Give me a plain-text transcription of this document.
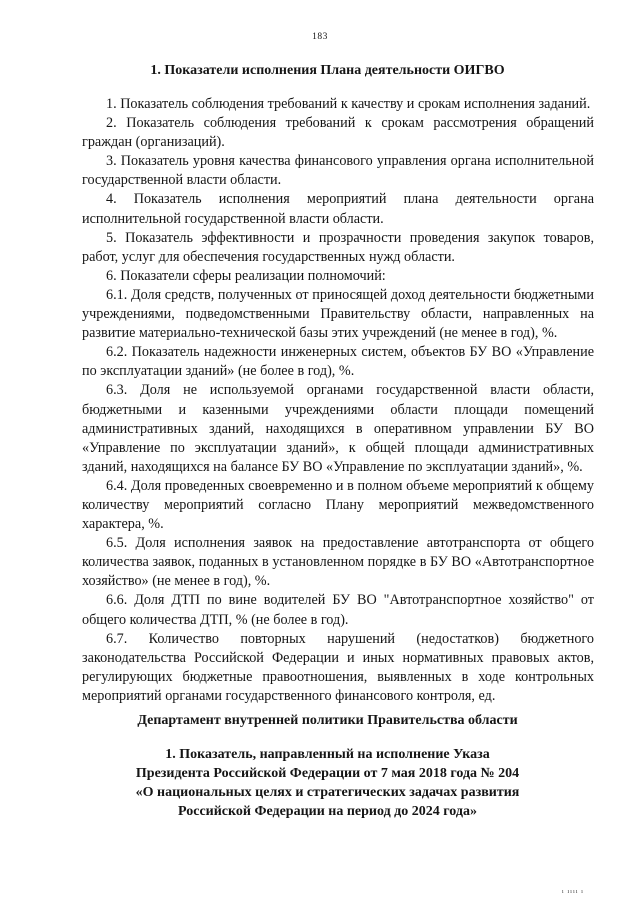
183
1. Показатели исполнения Плана деятельности ОИГВО

1. Показатель соблюдения требований к качеству и срокам исполнения заданий.

2. Показатель соблюдения требований к срокам рассмотрения обращений граждан (организаций).

3. Показатель уровня качества финансового управления органа исполнительной государственной власти области.

4. Показатель исполнения мероприятий плана деятельности органа исполнительной государственной власти области.

5. Показатель эффективности и прозрачности проведения закупок товаров, работ, услуг для обеспечения государственных нужд области.

6. Показатели сферы реализации полномочий:

6.1. Доля средств, полученных от приносящей доход деятельности бюджетными учреждениями, подведомственными Правительству области, направленных на развитие материально-технической базы этих учреждений (не менее в год), %.

6.2. Показатель надежности инженерных систем, объектов БУ ВО «Управление по эксплуатации зданий» (не более в год), %.

6.3. Доля не используемой органами государственной власти области, бюджетными и казенными учреждениями области площади помещений административных зданий, находящихся в оперативном управлении БУ ВО «Управление по эксплуатации зданий», к общей площади административных зданий, находящихся на балансе БУ ВО «Управление по эксплуатации зданий», %.

6.4. Доля проведенных своевременно и в полном объеме мероприятий к общему количеству мероприятий согласно Плану мероприятий межведомственного характера, %.

6.5. Доля исполнения заявок на предоставление автотранспорта от общего количества заявок, поданных в установленном порядке в БУ ВО «Автотранспортное хозяйство» (не менее в год), %.

6.6. Доля ДТП по вине водителей БУ ВО "Автотранспортное хозяйство" от общего количества ДТП, % (не более в год).

6.7. Количество повторных нарушений (недостатков) бюджетного законодательства Российской Федерации и иных нормативных правовых актов, регулирующих бюджетные правоотношения, выявленных в ходе контрольных мероприятий органами государственного финансового контроля, ед.

Департамент внутренней политики Правительства области
1. Показатель, направленный на исполнение Указа
Президента Российской Федерации от 7 мая 2018 года № 204
«О национальных целях и стратегических задачах развития
Российской Федерации на период до 2024 года»
ı ıııı ı
